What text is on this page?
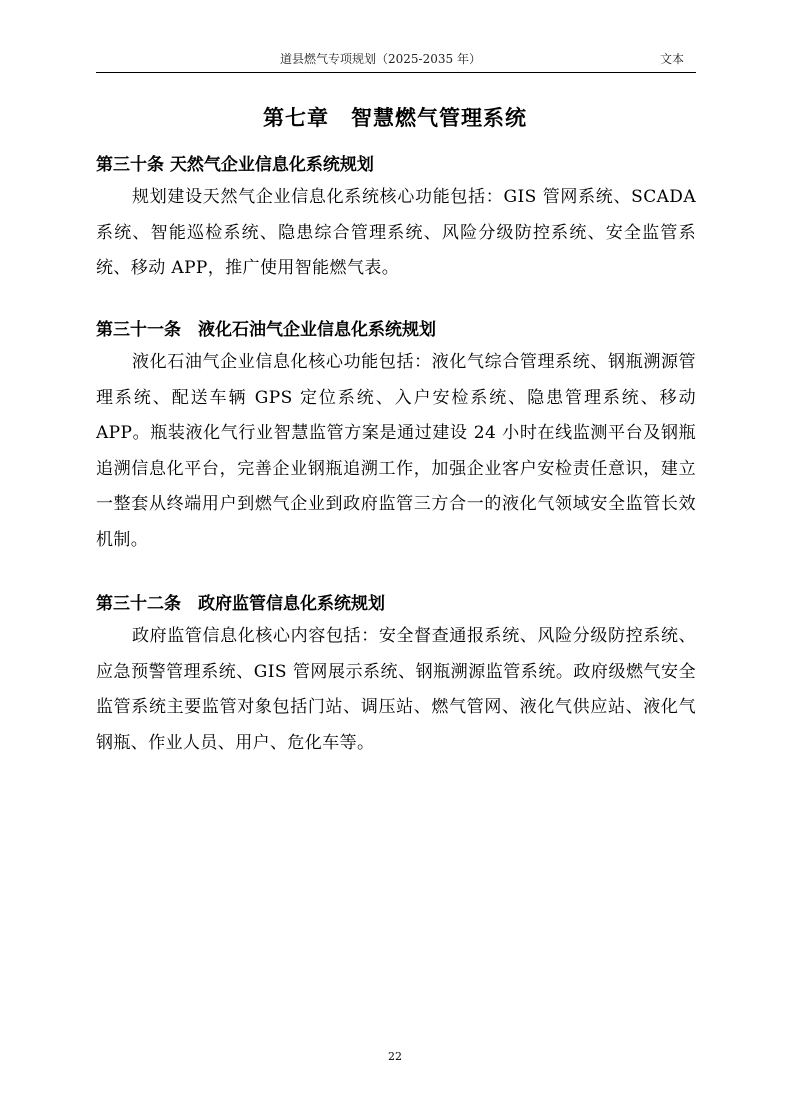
道县燃气专项规划（2025-2035 年）	文本
第七章　智慧燃气管理系统
第三十条 天然气企业信息化系统规划
规划建设天然气企业信息化系统核心功能包括：GIS 管网系统、SCADA 系统、智能巡检系统、隐患综合管理系统、风险分级防控系统、安全监管系统、移动 APP，推广使用智能燃气表。
第三十一条　液化石油气企业信息化系统规划
液化石油气企业信息化核心功能包括：液化气综合管理系统、钢瓶溯源管理系统、配送车辆 GPS 定位系统、入户安检系统、隐患管理系统、移动 APP。瓶装液化气行业智慧监管方案是通过建设 24 小时在线监测平台及钢瓶追溯信息化平台，完善企业钢瓶追溯工作，加强企业客户安检责任意识，建立一整套从终端用户到燃气企业到政府监管三方合一的液化气领域安全监管长效机制。
第三十二条　政府监管信息化系统规划
政府监管信息化核心内容包括：安全督查通报系统、风险分级防控系统、应急预警管理系统、GIS 管网展示系统、钢瓶溯源监管系统。政府级燃气安全监管系统主要监管对象包括门站、调压站、燃气管网、液化气供应站、液化气钢瓶、作业人员、用户、危化车等。
22
